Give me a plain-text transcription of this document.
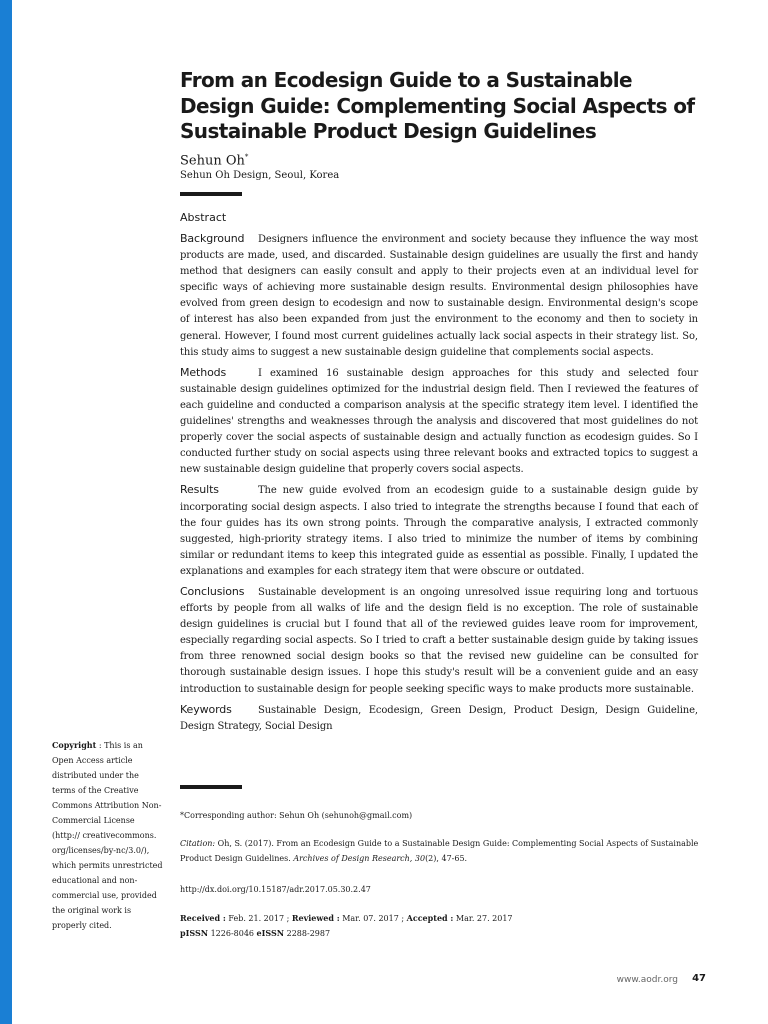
From an Ecodesign Guide to a Sustainable Design Guide: Complementing Social Aspects of Sustainable Product Design Guidelines
Sehun Oh*
Sehun Oh Design, Seoul, Korea
Abstract

Background Designers influence the environment and society because they influence the way most products are made, used, and discarded. Sustainable design guidelines are usually the first and handy method that designers can easily consult and apply to their projects even at an individual level for specific ways of achieving more sustainable design results. Environmental design philosophies have evolved from green design to ecodesign and now to sustainable design. Environmental design's scope of interest has also been expanded from just the environment to the economy and then to society in general. However, I found most current guidelines actually lack social aspects in their strategy list. So, this study aims to suggest a new sustainable design guideline that complements social aspects.

Methods	I examined 16 sustainable design approaches for this study and selected four sustainable design guidelines optimized for the industrial design field. Then I reviewed the features of each guideline and conducted a comparison analysis at the specific strategy item level. I identified the guidelines' strengths and weaknesses through the analysis and discovered that most guidelines do not properly cover the social aspects of sustainable design and actually function as ecodesign guides. So I conducted further study on social aspects using three relevant books and extracted topics to suggest a new sustainable design guideline that properly covers social aspects.

Results	The new guide evolved from an ecodesign guide to a sustainable design guide by incorporating social design aspects. I also tried to integrate the strengths because I found that each of the four guides has its own strong points. Through the comparative analysis, I extracted commonly suggested, high-priority strategy items. I also tried to minimize the number of items by combining similar or redundant items to keep this integrated guide as essential as possible. Finally, I updated the explanations and examples for each strategy item that were obscure or outdated.

Conclusions Sustainable development is an ongoing unresolved issue requiring long and tortuous efforts by people from all walks of life and the design field is no exception. The role of sustainable design guidelines is crucial but I found that all of the reviewed guides leave room for improvement, especially regarding social aspects. So I tried to craft a better sustainable design guide by taking issues from three renowned social design books so that the revised new guideline can be consulted for thorough sustainable design issues. I hope this study's result will be a convenient guide and an easy introduction to sustainable design for people seeking specific ways to make products more sustainable.

Keywords	Sustainable Design, Ecodesign, Green Design, Product Design, Design Guideline, Design Strategy, Social Design

Copyright : This is an Open Access article distributed under the terms of the Creative Commons Attribution Non-Commercial License (http:// creativecommons. org/licenses/by-nc/3.0/), which permits unrestricted educational and non-commercial use, provided the original work is properly cited.
*Corresponding author: Sehun Oh (sehunoh@gmail.com)
Citation: Oh, S. (2017). From an Ecodesign Guide to a Sustainable Design Guide: Complementing Social Aspects of Sustainable Product Design Guidelines. Archives of Design Research, 30(2), 47-65.
http://dx.doi.org/10.15187/adr.2017.05.30.2.47
Received : Feb. 21. 2017 ; Reviewed : Mar. 07. 2017 ; Accepted : Mar. 27. 2017
pISSN 1226-8046 eISSN 2288-2987
www.aodr.org 47
